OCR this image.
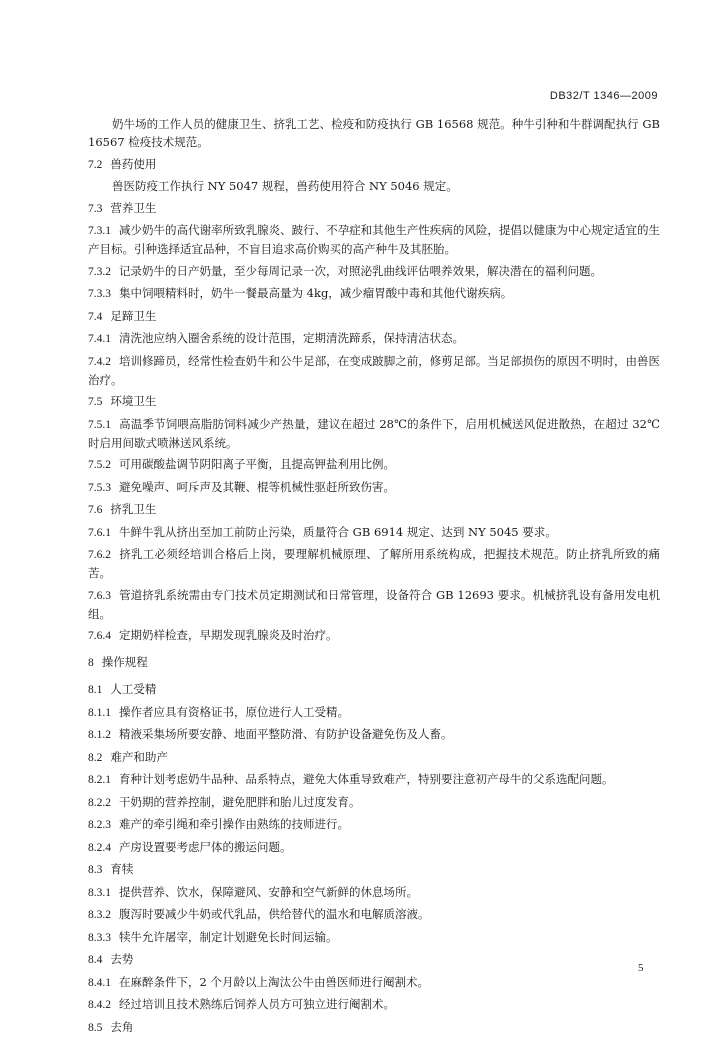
DB32/T 1346—2009

奶牛场的工作人员的健康卫生、挤乳工艺、检疫和防疫执行 GB 16568 规范。种牛引种和牛群调配执行 GB 16567 检疫技术规范。

7.2 兽药使用

兽医防疫工作执行 NY 5047 规程，兽药使用符合 NY 5046 规定。

7.3 营养卫生

7.3.1 减少奶牛的高代谢率所致乳腺炎、跛行、不孕症和其他生产性疾病的风险，提倡以健康为中心规定适宜的生产目标。引种选择适宜品种，不盲目追求高价购买的高产种牛及其胚胎。

7.3.2 记录奶牛的日产奶量，至少每周记录一次，对照泌乳曲线评估喂养效果，解决潜在的福利问题。

7.3.3 集中饲喂精料时，奶牛一餐最高量为 4kg，减少瘤胃酸中毒和其他代谢疾病。

7.4 足蹄卫生

7.4.1 清洗池应纳入圈舍系统的设计范围，定期清洗蹄系，保持清洁状态。

7.4.2 培训修蹄员，经常性检查奶牛和公牛足部，在变成跛脚之前，修剪足部。当足部损伤的原因不明时，由兽医治疗。

7.5 环境卫生

7.5.1 高温季节饲喂高脂肪饲料减少产热量，建议在超过 28℃的条件下，启用机械送风促进散热，在超过 32℃时启用间歇式喷淋送风系统。

7.5.2 可用碳酸盐调节阴阳离子平衡，且提高钾盐利用比例。

7.5.3 避免噪声、呵斥声及其鞭、棍等机械性驱赶所致伤害。

7.6 挤乳卫生

7.6.1 牛鲜牛乳从挤出至加工前防止污染，质量符合 GB 6914 规定、达到 NY 5045 要求。

7.6.2 挤乳工必须经培训合格后上岗，要理解机械原理、了解所用系统构成，把握技术规范。防止挤乳所致的痛苦。

7.6.3 管道挤乳系统需由专门技术员定期测试和日常管理，设备符合 GB 12693 要求。机械挤乳设有备用发电机组。

7.6.4 定期奶样检查，早期发现乳腺炎及时治疗。

8 操作规程

8.1 人工受精

8.1.1 操作者应具有资格证书，原位进行人工受精。

8.1.2 精液采集场所要安静、地面平整防滑、有防护设备避免伤及人畜。

8.2 难产和助产

8.2.1 育种计划考虑奶牛品种、品系特点，避免大体重导致难产，特别要注意初产母牛的父系选配问题。

8.2.2 干奶期的营养控制，避免肥胖和胎儿过度发育。

8.2.3 难产的牵引绳和牵引操作由熟练的技师进行。

8.2.4 产房设置要考虑尸体的搬运问题。

8.3 育犊

8.3.1 提供营养、饮水，保障避风、安静和空气新鲜的休息场所。

8.3.2 腹泻时要减少牛奶或代乳品，供给替代的温水和电解质溶液。

8.3.3 犊牛允许屠宰，制定计划避免长时间运输。

8.4 去势

8.4.1 在麻醉条件下，2 个月龄以上淘汰公牛由兽医师进行阉割术。

8.4.2 经过培训且技术熟练后饲养人员方可独立进行阉割术。

8.5 去角

5
